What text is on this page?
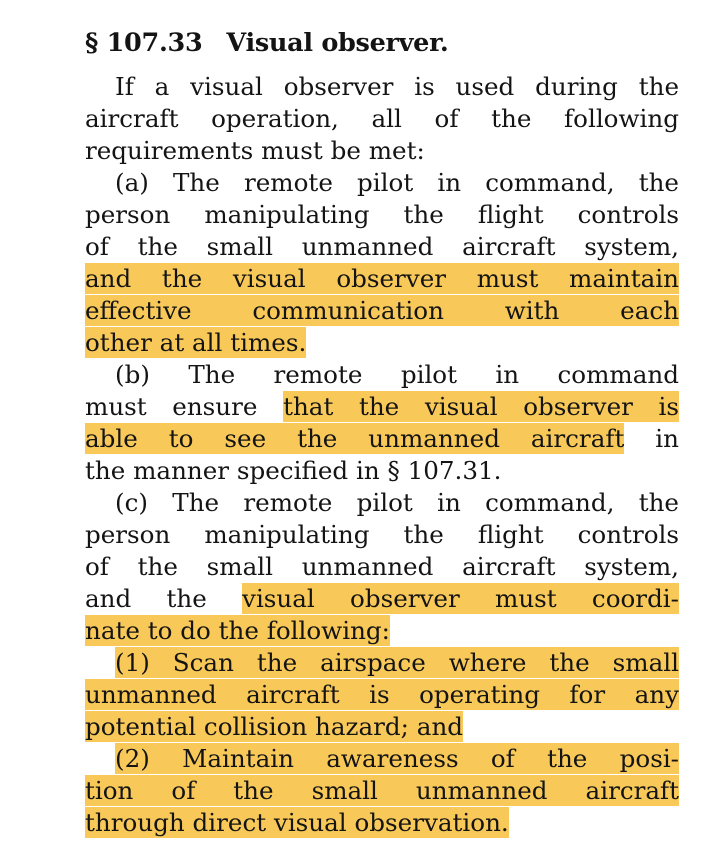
§ 107.33 Visual observer.
If a visual observer is used during the
aircraft operation, all of the following
requirements must be met:
(a) The remote pilot in command, the
person manipulating the flight controls
of the small unmanned aircraft system,
and the visual observer must maintain
effective communication with each
other at all times.
(b) The remote pilot in command
must ensure that the visual observer is
able to see the unmanned aircraft in
the manner specified in § 107.31.
(c) The remote pilot in command, the
person manipulating the flight controls
of the small unmanned aircraft system,
and the visual observer must coordi-
nate to do the following:
(1) Scan the airspace where the small
unmanned aircraft is operating for any
potential collision hazard; and
(2) Maintain awareness of the posi-
tion of the small unmanned aircraft
through direct visual observation.
